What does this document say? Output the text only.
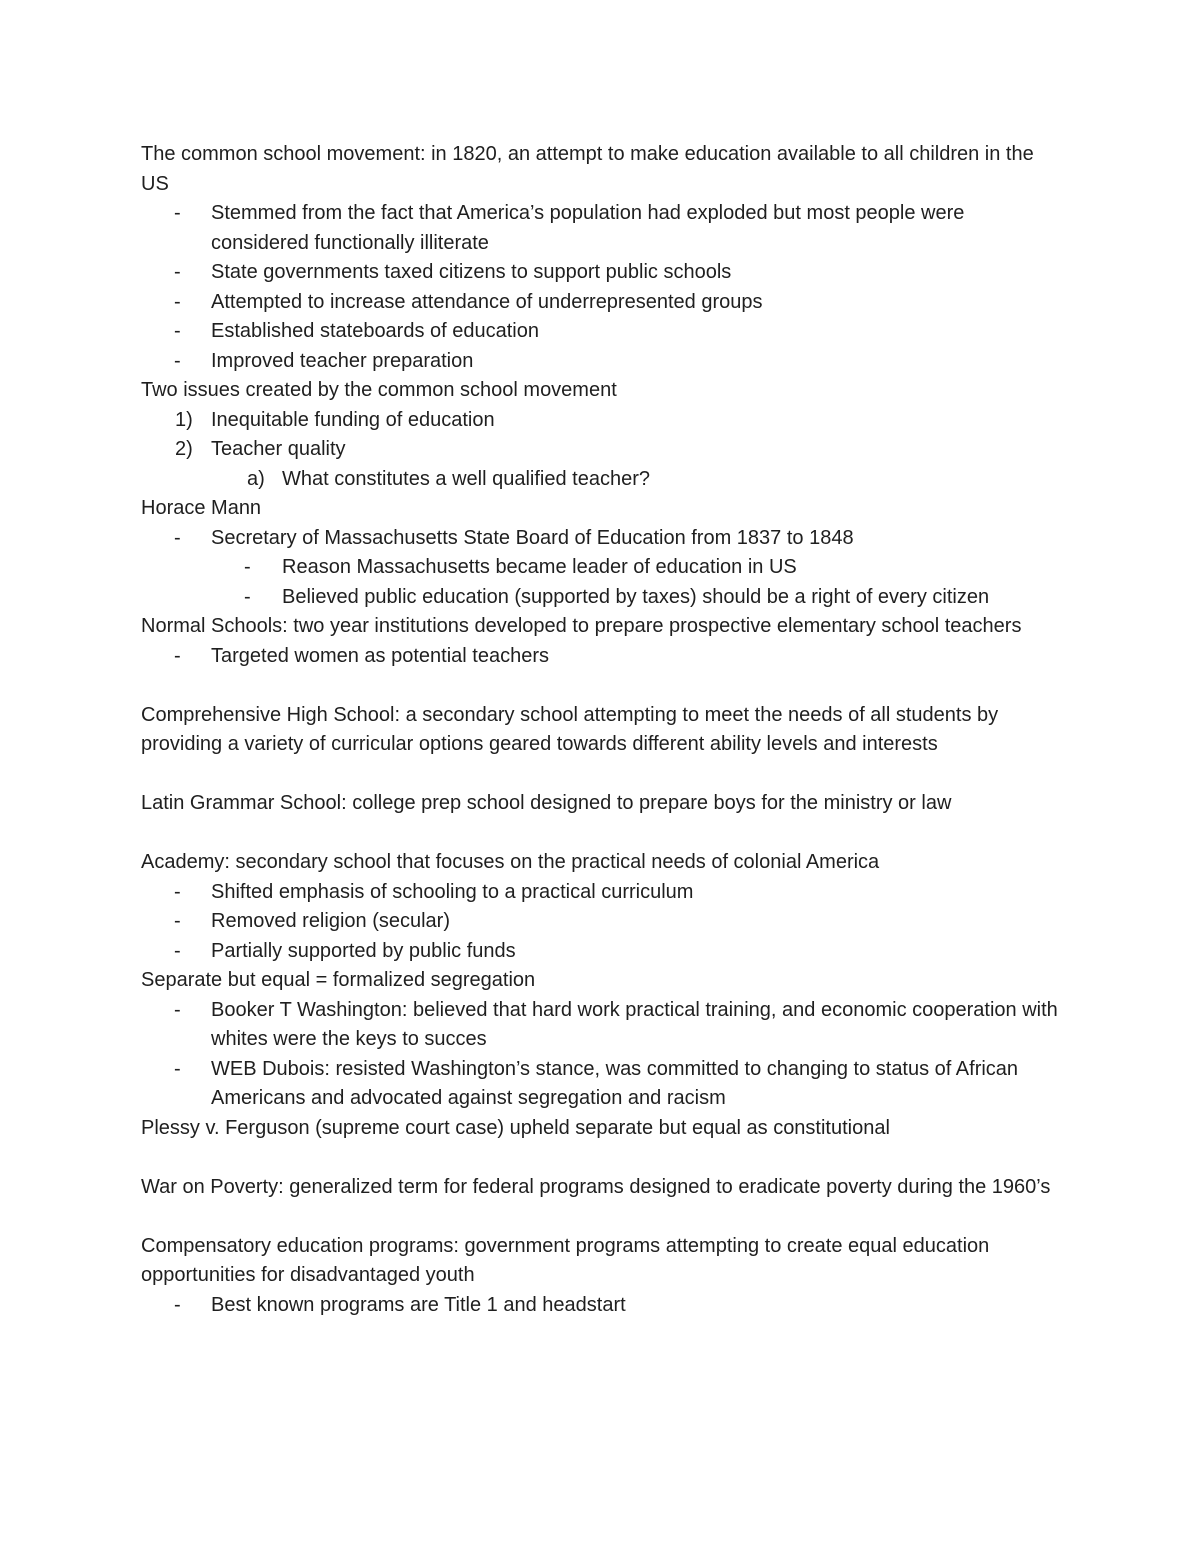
The common school movement: in 1820, an attempt to make education available to all children in the US
- Stemmed from the fact that America’s population had exploded but most people were considered functionally illiterate
- State governments taxed citizens to support public schools
- Attempted to increase attendance of underrepresented groups
- Established stateboards of education
- Improved teacher preparation
Two issues created by the common school movement
1) Inequitable funding of education
2) Teacher quality
a) What constitutes a well qualified teacher?
Horace Mann
- Secretary of Massachusetts State Board of Education from 1837 to 1848
- Reason Massachusetts became leader of education in US
- Believed public education (supported by taxes) should be a right of every citizen
Normal Schools: two year institutions developed to prepare prospective elementary school teachers
- Targeted women as potential teachers
Comprehensive High School: a secondary school attempting to meet the needs of all students by providing a variety of curricular options geared towards different ability levels and interests
Latin Grammar School: college prep school designed to prepare boys for the ministry or law
Academy: secondary school that focuses on the practical needs of colonial America
- Shifted emphasis of schooling to a practical curriculum
- Removed religion (secular)
- Partially supported by public funds
Separate but equal = formalized segregation
- Booker T Washington: believed that hard work practical training, and economic cooperation with whites were the keys to succes
- WEB Dubois: resisted Washington’s stance, was committed to changing to status of African Americans and advocated against segregation and racism
Plessy v. Ferguson (supreme court case) upheld separate but equal as constitutional
War on Poverty: generalized term for federal programs designed to eradicate poverty during the 1960’s
Compensatory education programs: government programs attempting to create equal education opportunities for disadvantaged youth
- Best known programs are Title 1 and headstart
